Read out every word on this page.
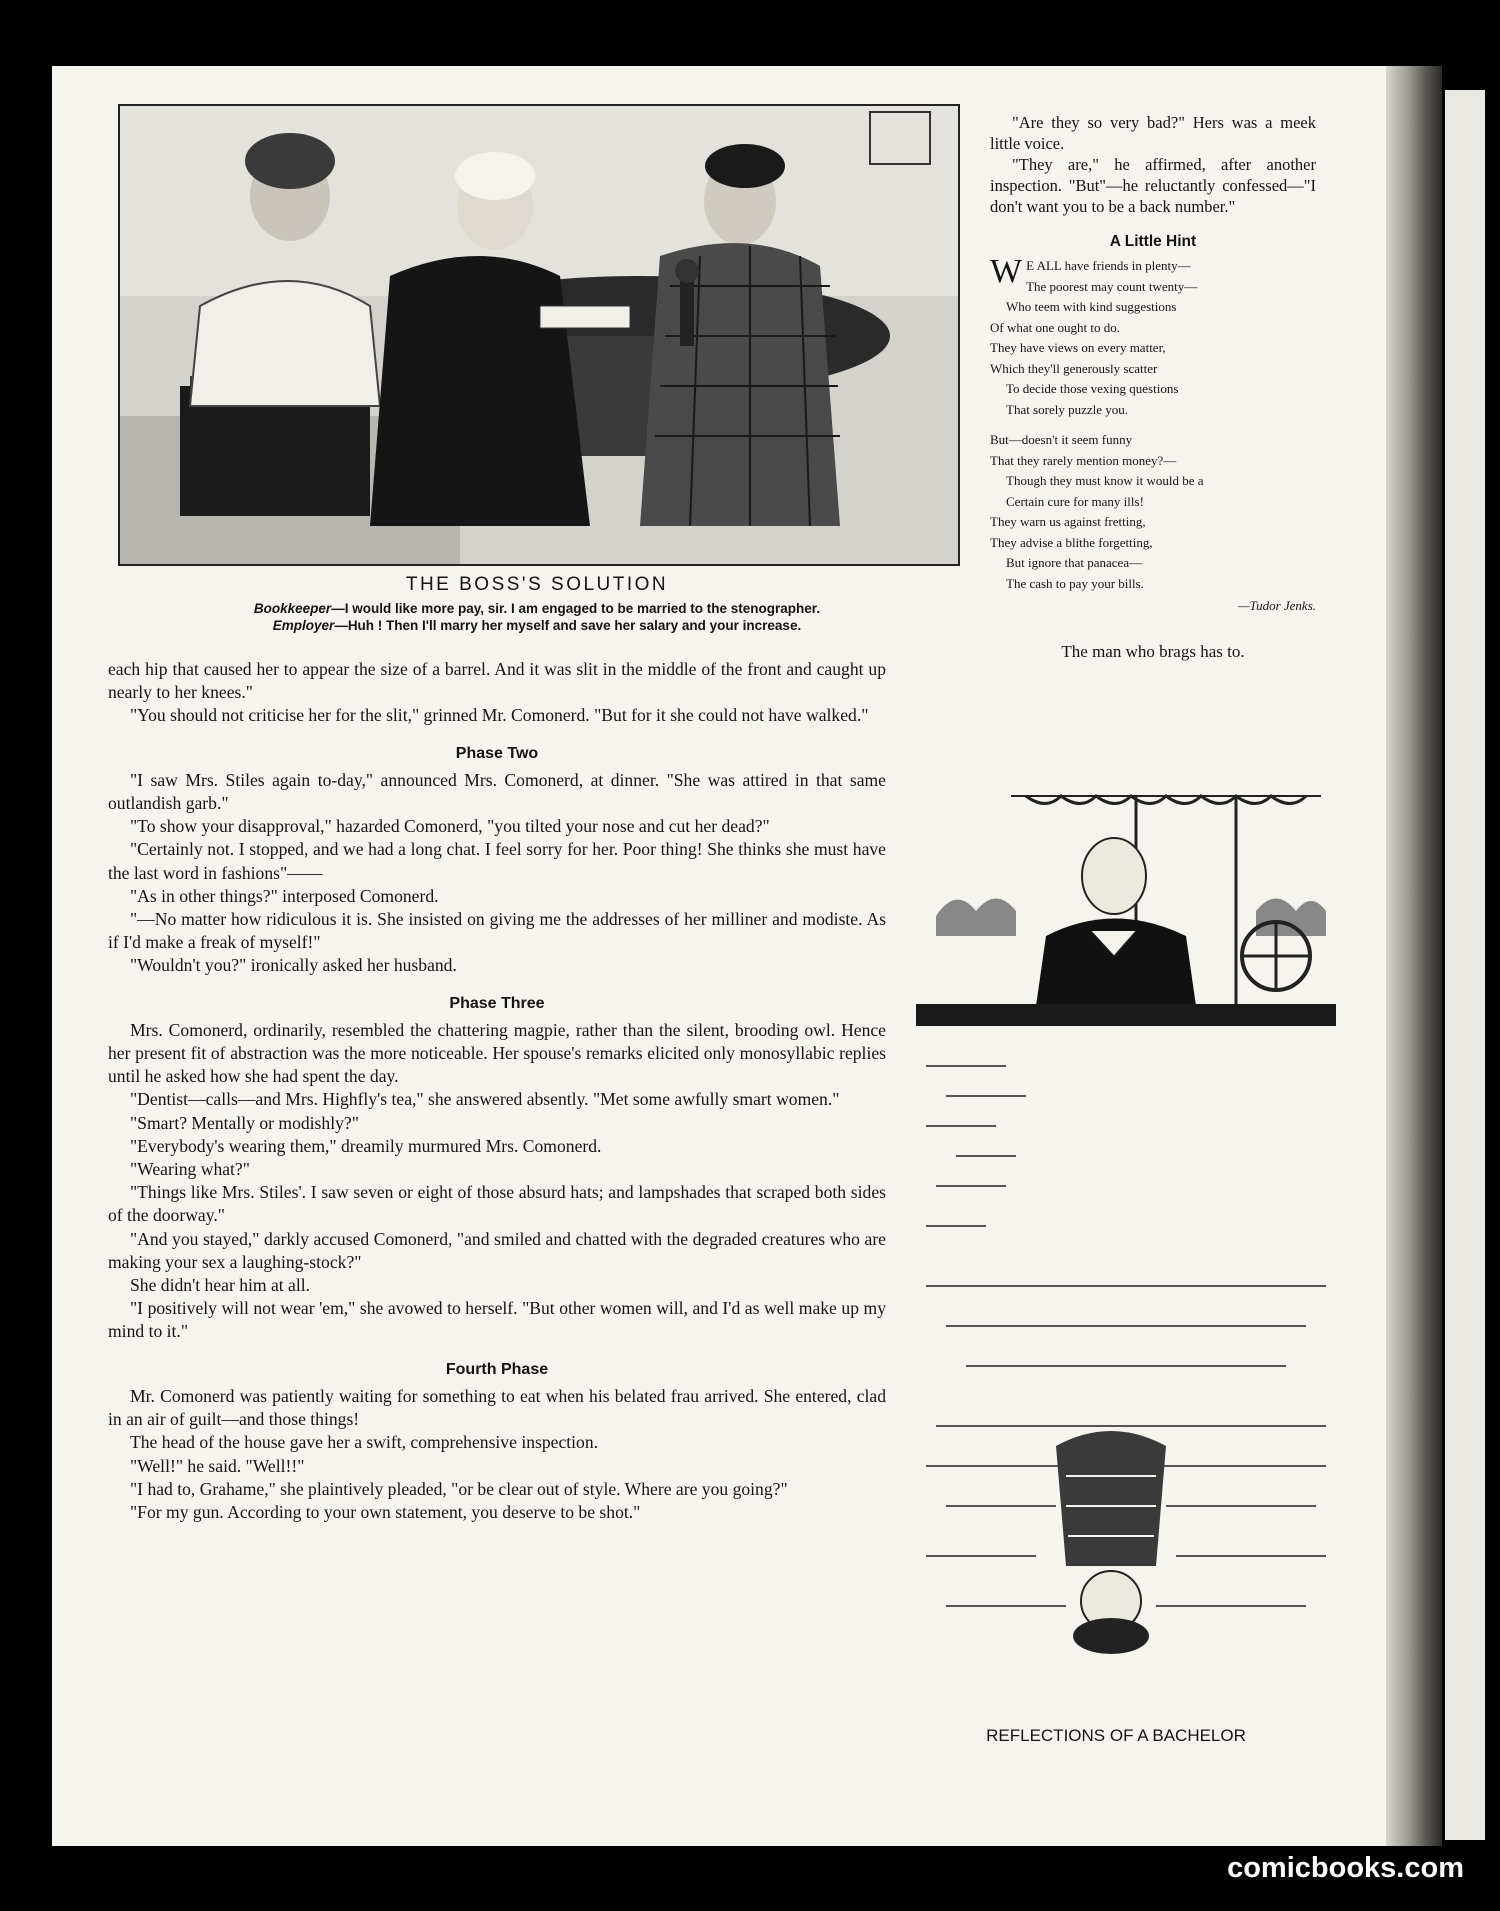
THE BOSS'S SOLUTION
Bookkeeper—I would like more pay, sir. I am engaged to be married to the stenographer.
Employer—Huh ! Then I'll marry her myself and save her salary and your increase.

each hip that caused her to appear the size of a barrel. And it was slit in the middle of the front and caught up nearly to her knees."

"You should not criticise her for the slit," grinned Mr. Comonerd. "But for it she could not have walked."

Phase Two

"I saw Mrs. Stiles again to-day," announced Mrs. Comonerd, at dinner. "She was attired in that same outlandish garb."

"To show your disapproval," hazarded Comonerd, "you tilted your nose and cut her dead?"

"Certainly not. I stopped, and we had a long chat. I feel sorry for her. Poor thing! She thinks she must have the last word in fashions"——

"As in other things?" interposed Comonerd.

"—No matter how ridiculous it is. She insisted on giving me the addresses of her milliner and modiste. As if I'd make a freak of myself!"

"Wouldn't you?" ironically asked her husband.

Phase Three

Mrs. Comonerd, ordinarily, resembled the chattering magpie, rather than the silent, brooding owl. Hence her present fit of abstraction was the more noticeable. Her spouse's remarks elicited only monosyllabic replies until he asked how she had spent the day.

"Dentist—calls—and Mrs. Highfly's tea," she answered absently. "Met some awfully smart women."

"Smart? Mentally or modishly?"

"Everybody's wearing them," dreamily murmured Mrs. Comonerd.

"Wearing what?"

"Things like Mrs. Stiles'. I saw seven or eight of those absurd hats; and lampshades that scraped both sides of the doorway."

"And you stayed," darkly accused Comonerd, "and smiled and chatted with the degraded creatures who are making your sex a laughing-stock?"

She didn't hear him at all.

"I positively will not wear 'em," she avowed to herself. "But other women will, and I'd as well make up my mind to it."

Fourth Phase

Mr. Comonerd was patiently waiting for something to eat when his belated frau arrived. She entered, clad in an air of guilt—and those things!

The head of the house gave her a swift, comprehensive inspection.

"Well!" he said. "Well!!"

"I had to, Grahame," she plaintively pleaded, "or be clear out of style. Where are you going?"

"For my gun. According to your own statement, you deserve to be shot."

"Are they so very bad?" Hers was a meek little voice.

"They are," he affirmed, after another inspection. "But"—he reluctantly confessed—"I don't want you to be a back number."

A Little Hint
W E ALL have friends in plenty—
The poorest may count twenty—
Who teem with kind suggestions
Of what one ought to do.
They have views on every matter,
Which they'll generously scatter
To decide those vexing questions
That sorely puzzle you.
But—doesn't it seem funny
That they rarely mention money?—
Though they must know it would be a
Certain cure for many ills!
They warn us against fretting,
They advise a blithe forgetting,
But ignore that panacea—
The cash to pay your bills.
—Tudor Jenks.
The man who brags has to.
REFLECTIONS OF A BACHELOR
comicbooks.com
